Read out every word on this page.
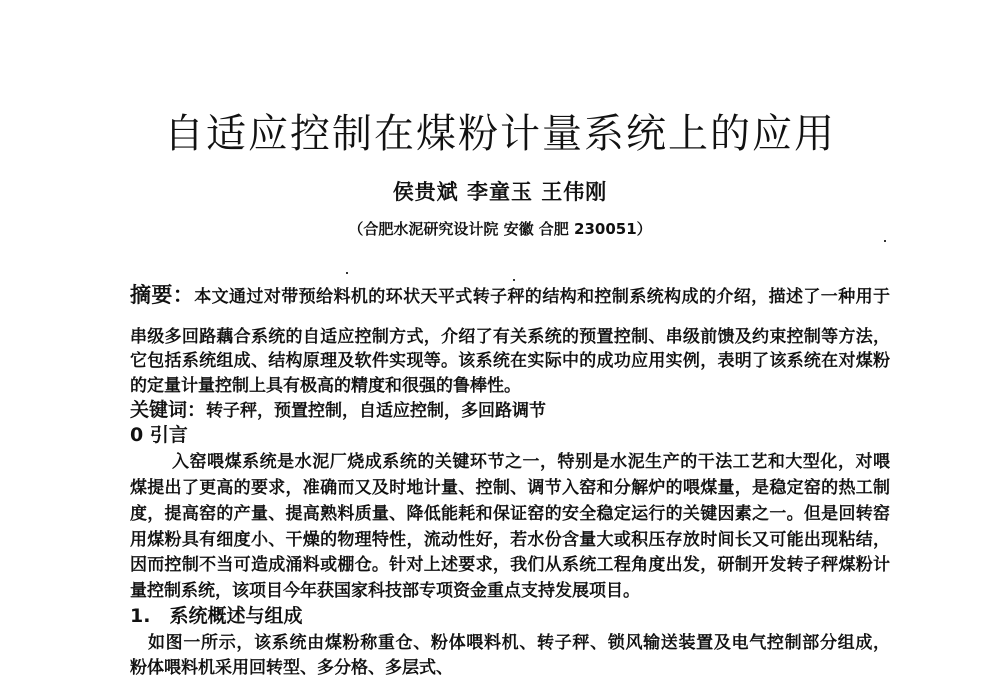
自适应控制在煤粉计量系统上的应用
侯贵斌 李童玉 王伟刚
（合肥水泥研究设计院 安徽 合肥 230051）
摘要：本文通过对带预给料机的环状天平式转子秤的结构和控制系统构成的介绍，描述了一种用于
串级多回路藕合系统的自适应控制方式，介绍了有关系统的预置控制、串级前馈及约束控制等方法，
它包括系统组成、结构原理及软件实现等。该系统在实际中的成功应用实例，表明了该系统在对煤粉
的定量计量控制上具有极高的精度和很强的鲁棒性。
关键词：转子秤，预置控制，自适应控制，多回路调节
0 引言
入窑喂煤系统是水泥厂烧成系统的关键环节之一，特别是水泥生产的干法工艺和大型化，对喂
煤提出了更高的要求，准确而又及时地计量、控制、调节入窑和分解炉的喂煤量，是稳定窑的热工制
度，提高窑的产量、提高熟料质量、降低能耗和保证窑的安全稳定运行的关键因素之一。但是回转窑
用煤粉具有细度小、干燥的物理特性，流动性好，若水份含量大或积压存放时间长又可能出现粘结，
因而控制不当可造成涌料或棚仓。针对上述要求，我们从系统工程角度出发，研制开发转子秤煤粉计
量控制系统，该项目今年获国家科技部专项资金重点支持发展项目。
1.　系统概述与组成
如图一所示，该系统由煤粉称重仓、粉体喂料机、转子秤、锁风输送装置及电气控制部分组成，
粉体喂料机采用回转型、多分格、多层式、
